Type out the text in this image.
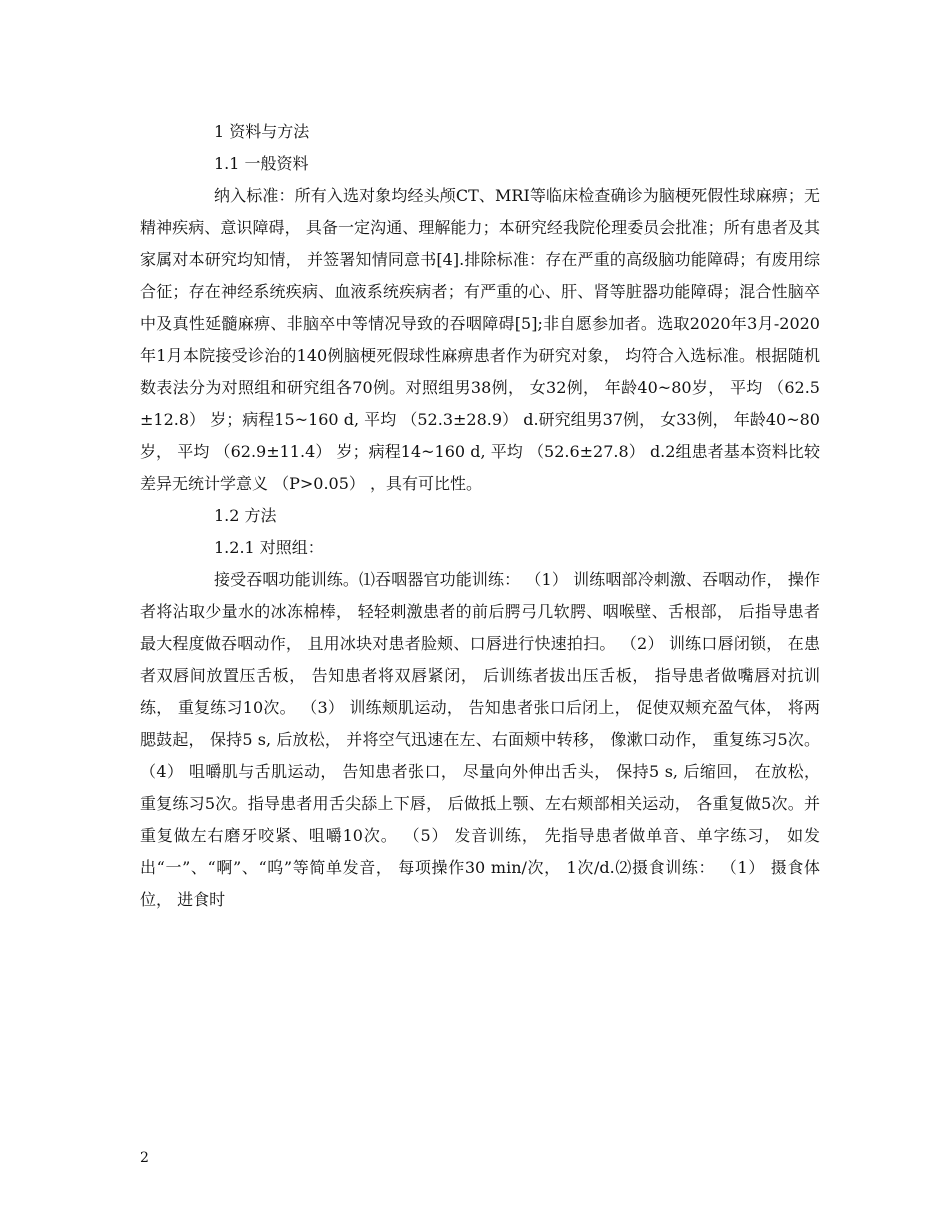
1 资料与方法

1.1 一般资料

纳入标准：所有入选对象均经头颅CT、MRI等临床检查确诊为脑梗死假性球麻痹；无精神疾病、意识障碍， 具备一定沟通、理解能力；本研究经我院伦理委员会批准；所有患者及其家属对本研究均知情， 并签署知情同意书[4].排除标准：存在严重的高级脑功能障碍；有废用综合征；存在神经系统疾病、血液系统疾病者；有严重的心、肝、肾等脏器功能障碍；混合性脑卒中及真性延髓麻痹、非脑卒中等情况导致的吞咽障碍[5];非自愿参加者。选取2020年3月-2020年1月本院接受诊治的140例脑梗死假球性麻痹患者作为研究对象， 均符合入选标准。根据随机数表法分为对照组和研究组各70例。对照组男38例， 女32例， 年龄40~80岁， 平均 （62.5±12.8） 岁；病程15~160 d, 平均 （52.3±28.9） d.研究组男37例， 女33例， 年龄40~80岁， 平均 （62.9±11.4） 岁；病程14~160 d, 平均 （52.6±27.8） d.2组患者基本资料比较差异无统计学意义 （P>0.05） ，具有可比性。

1.2 方法

1.2.1 对照组：

接受吞咽功能训练。⑴吞咽器官功能训练： （1） 训练咽部冷刺激、吞咽动作， 操作者将沾取少量水的冰冻棉棒， 轻轻刺激患者的前后腭弓几软腭、咽喉壁、舌根部， 后指导患者最大程度做吞咽动作， 且用冰块对患者脸颊、口唇进行快速拍扫。 （2） 训练口唇闭锁， 在患者双唇间放置压舌板， 告知患者将双唇紧闭， 后训练者拔出压舌板， 指导患者做嘴唇对抗训练， 重复练习10次。 （3） 训练颊肌运动， 告知患者张口后闭上， 促使双颊充盈气体， 将两腮鼓起， 保持5 s, 后放松， 并将空气迅速在左、右面颊中转移， 像漱口动作， 重复练习5次。 （4） 咀嚼肌与舌肌运动， 告知患者张口， 尽量向外伸出舌头， 保持5 s, 后缩回， 在放松， 重复练习5次。指导患者用舌尖舔上下唇， 后做抵上颚、左右颊部相关运动， 各重复做5次。并重复做左右磨牙咬紧、咀嚼10次。 （5） 发音训练， 先指导患者做单音、单字练习， 如发出“一”、“啊”、“呜”等简单发音， 每项操作30 min/次， 1次/d.⑵摄食训练： （1） 摄食体位， 进食时

2
